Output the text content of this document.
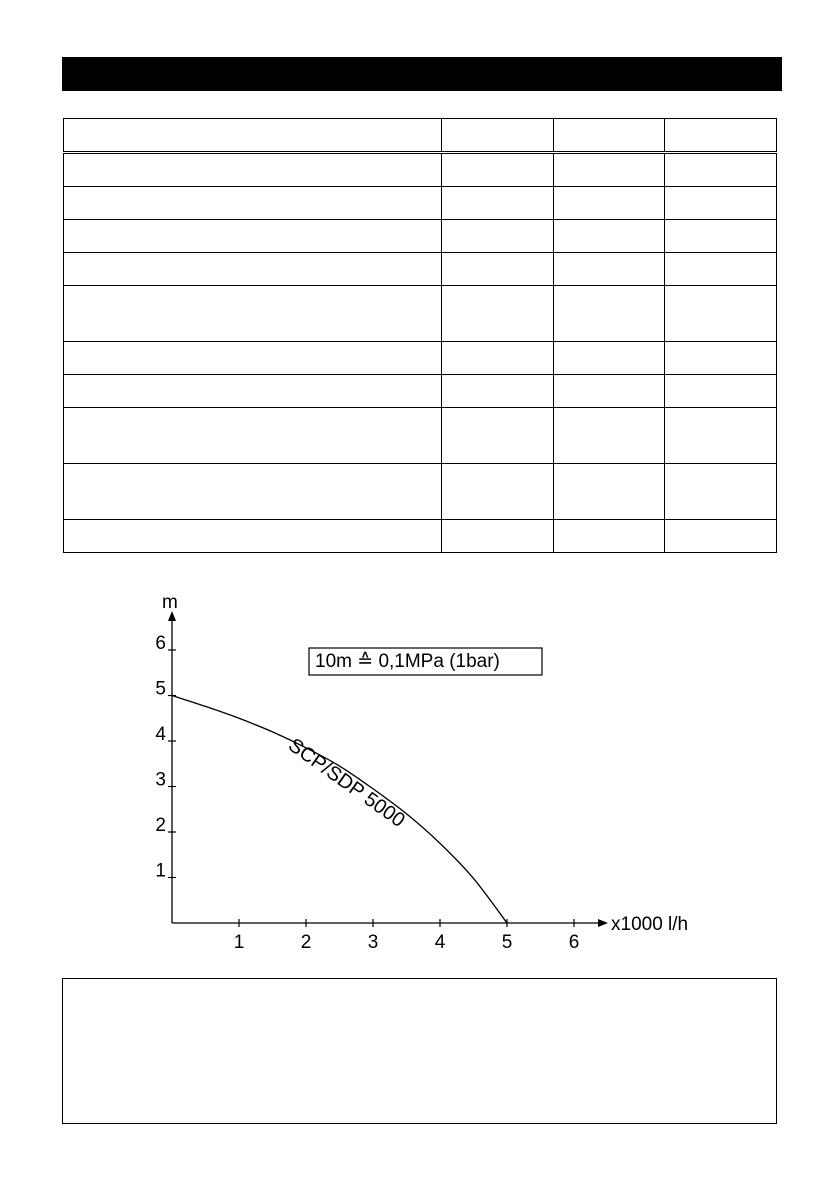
1	2	3	4	5	6
1
2
3
4
5
6
m
x1000 l/h
10m ≙ 0,1MPa (1bar)
SCP/SDP 5000
